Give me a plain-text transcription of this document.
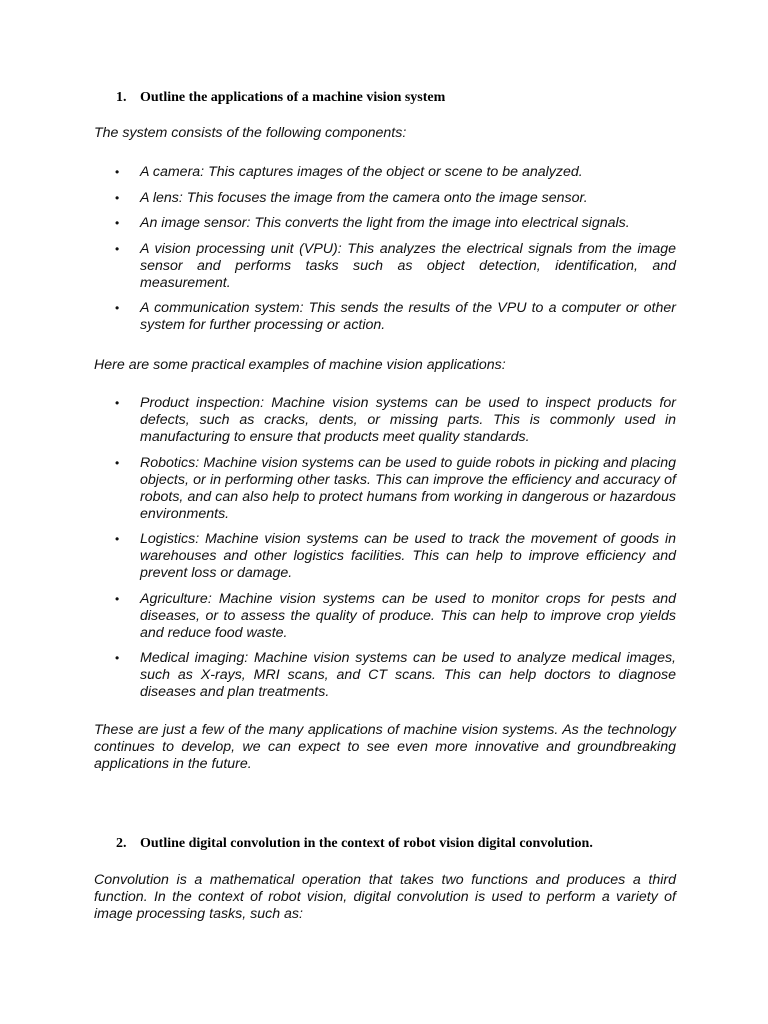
1. Outline the applications of a machine vision system

The system consists of the following components:

• A camera: This captures images of the object or scene to be analyzed.
• A lens: This focuses the image from the camera onto the image sensor.
• An image sensor: This converts the light from the image into electrical signals.
• A vision processing unit (VPU): This analyzes the electrical signals from the image sensor and performs tasks such as object detection, identification, and measurement.
• A communication system: This sends the results of the VPU to a computer or other system for further processing or action.

Here are some practical examples of machine vision applications:

• Product inspection: Machine vision systems can be used to inspect products for defects, such as cracks, dents, or missing parts. This is commonly used in manufacturing to ensure that products meet quality standards.
• Robotics: Machine vision systems can be used to guide robots in picking and placing objects, or in performing other tasks. This can improve the efficiency and accuracy of robots, and can also help to protect humans from working in dangerous or hazardous environments.
• Logistics: Machine vision systems can be used to track the movement of goods in warehouses and other logistics facilities. This can help to improve efficiency and prevent loss or damage.
• Agriculture: Machine vision systems can be used to monitor crops for pests and diseases, or to assess the quality of produce. This can help to improve crop yields and reduce food waste.
• Medical imaging: Machine vision systems can be used to analyze medical images, such as X-rays, MRI scans, and CT scans. This can help doctors to diagnose diseases and plan treatments.

These are just a few of the many applications of machine vision systems. As the technology continues to develop, we can expect to see even more innovative and groundbreaking applications in the future.

2. Outline digital convolution in the context of robot vision digital convolution.

Convolution is a mathematical operation that takes two functions and produces a third function. In the context of robot vision, digital convolution is used to perform a variety of image processing tasks, such as:
